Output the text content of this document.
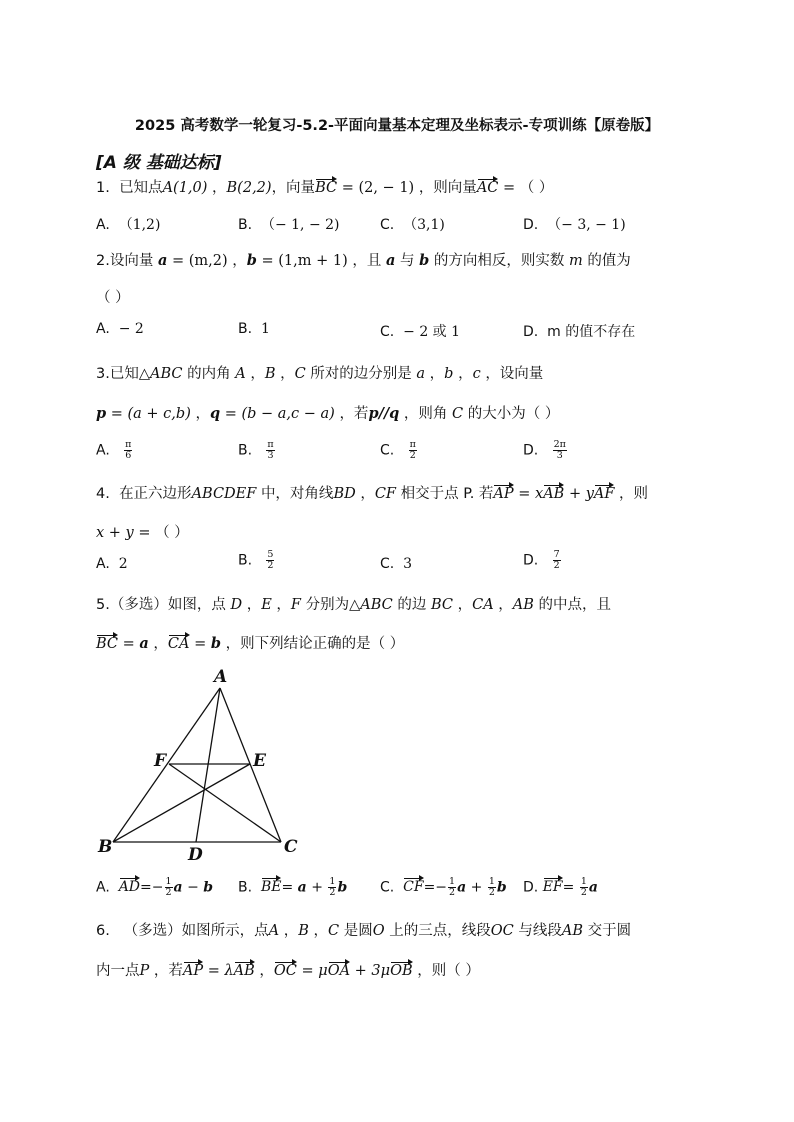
2025 高考数学一轮复习-5.2-平面向量基本定理及坐标表示-专项训练【原卷版】
[A 级 基础达标]
1. 已知点A(1,0) ，B(2,2)，向量BC = (2, − 1) ，则向量AC = （ ）
A. （1,2)	B. （− 1, − 2)	C. （3,1)	D. （− 3, − 1)
2.设向量 a = (m,2) ，b = (1,m + 1) ，且 a 与 b 的方向相反，则实数 m 的值为
（ ）
A. − 2	B. 1	C. − 2 或 1	D. m 的值不存在
3.已知△ABC 的内角 A ，B ，C 所对的边分别是 a ，b ，c ，设向量
p = (a + c,b) ，q = (b − a,c − a) ，若p//q ，则角 C 的大小为（ ）
A. $\frac{\pi}{6}$	B. $\frac{\pi}{3}$	C. $\frac{\pi}{2}$	D. $\frac{2\pi}{3}$
4. 在正六边形ABCDEF 中，对角线BD ，CF 相交于点 P. 若AP = xAB + yAF ，则
x + y = （ ）
A. 2	B. $\frac{5}{2}$	C. 3	D. $\frac{7}{2}$
5.（多选）如图，点 D ，E ，F 分别为△ABC 的边 BC ，CA ，AB 的中点，且
BC = a ，CA = b ，则下列结论正确的是（ ）
A
B	C
D
E
F
A. $AD=- \frac{1}{2}$ a − b B. $BE= a + \frac{1}{2}$ b C. $CF=- \frac{1}{2}$ $a + \frac{1}{2}$ b D. $EF= \frac{1}{2}$ a
6. （多选）如图所示，点A ，B ，C 是圆O 上的三点，线段OC 与线段AB 交于圆
内一点P ，若AP = λAB ，OC = μOA + 3μOB ，则（ ）
